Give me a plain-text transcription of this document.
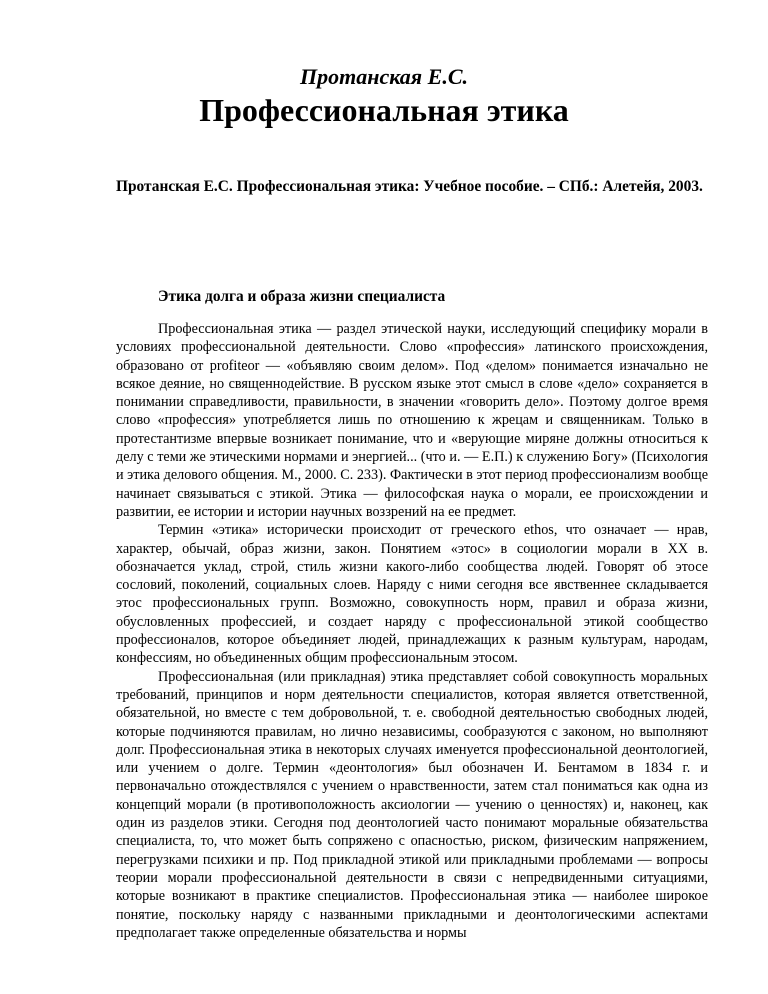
Протанская Е.С.
Профессиональная этика
Протанская Е.С. Профессиональная этика: Учебное пособие. – СПб.: Алетейя, 2003.
Этика долга и образа жизни специалиста

Профессиональная этика — раздел этической науки, исследующий специфику морали в условиях профессиональной деятельности. Слово «профессия» латинского происхождения, образовано от profiteor — «объявляю своим делом». Под «делом» понимается изначально не всякое деяние, но священнодействие. В русском языке этот смысл в слове «дело» сохраняется в понимании справедливости, правильности, в значении «говорить дело». Поэтому долгое время слово «профессия» употребляется лишь по отношению к жрецам и священникам. Только в протестантизме впервые возникает понимание, что и «верующие миряне должны относиться к делу с теми же этическими нормами и энергией... (что и. — Е.П.) к служению Богу» (Психология и этика делового общения. М., 2000. С. 233). Фактически в этот период профессионализм вообще начинает связываться с этикой. Этика — философская наука о морали, ее происхождении и развитии, ее истории и истории научных воззрений на ее предмет.

Термин «этика» исторически происходит от греческого ethos, что означает — нрав, характер, обычай, образ жизни, закон. Понятием «этос» в социологии морали в XX в. обозначается уклад, строй, стиль жизни какого-либо сообщества людей. Говорят об этосе сословий, поколений, социальных слоев. Наряду с ними сегодня все явственнее складывается этос профессиональных групп. Возможно, совокупность норм, правил и образа жизни, обусловленных профессией, и создает наряду с профессиональной этикой сообщество профессионалов, которое объединяет людей, принадлежащих к разным культурам, народам, конфессиям, но объединенных общим профессиональным этосом.

Профессиональная (или прикладная) этика представляет собой совокупность моральных требований, принципов и норм деятельности специалистов, которая является ответственной, обязательной, но вместе с тем добровольной, т. е. свободной деятельностью свободных людей, которые подчиняются правилам, но лично независимы, сообразуются с законом, но выполняют долг. Профессиональная этика в некоторых случаях именуется профессиональной деонтологией, или учением о долге. Термин «деонтология» был обозначен И. Бентамом в 1834 г. и первоначально отождествлялся с учением о нравственности, затем стал пониматься как одна из концепций морали (в противоположность аксиологии — учению о ценностях) и, наконец, как один из разделов этики. Сегодня под деонтологией часто понимают моральные обязательства специалиста, то, что может быть сопряжено с опасностью, риском, физическим напряжением, перегрузками психики и пр. Под прикладной этикой или прикладными проблемами — вопросы теории морали профессиональной деятельности в связи с непредвиденными ситуациями, которые возникают в практике специалистов. Профессиональная этика — наиболее широкое понятие, поскольку наряду с названными прикладными и деонтологическими аспектами предполагает также определенные обязательства и нормы
